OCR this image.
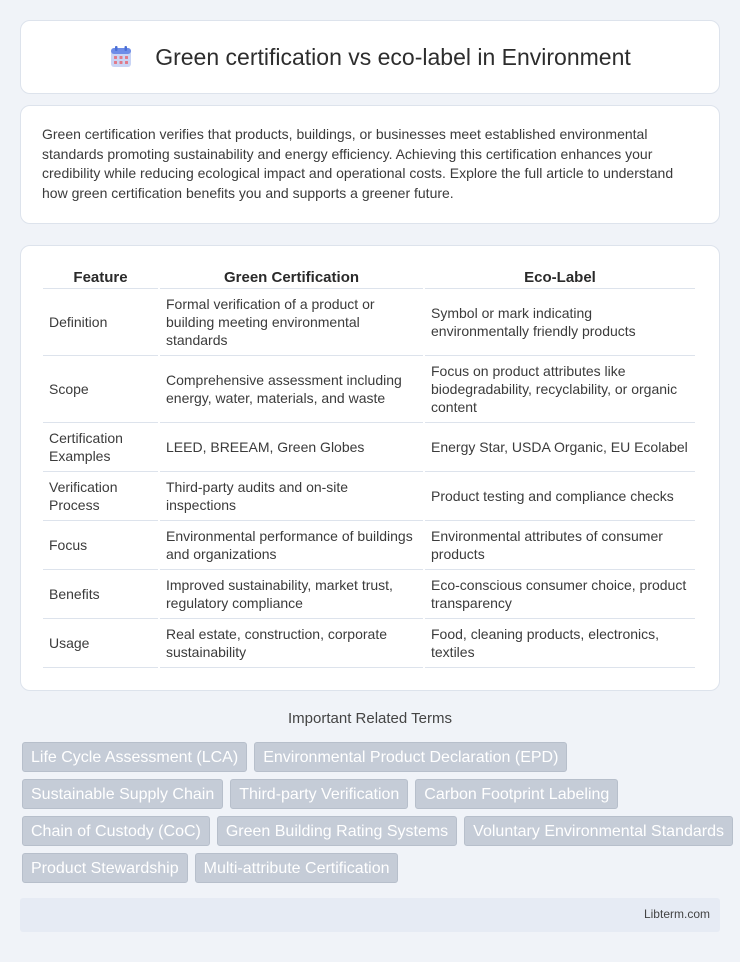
Green certification vs eco-label in Environment

Green certification verifies that products, buildings, or businesses meet established environmental standards promoting sustainability and energy efficiency. Achieving this certification enhances your credibility while reducing ecological impact and operational costs. Explore the full article to understand how green certification benefits you and supports a greener future.

Feature	Green Certification	Eco-Label
Definition	Formal verification of a product or building meeting environmental standards	Symbol or mark indicating environmentally friendly products
Scope	Comprehensive assessment including energy, water, materials, and waste	Focus on product attributes like biodegradability, recyclability, or organic content
Certification Examples	LEED, BREEAM, Green Globes	Energy Star, USDA Organic, EU Ecolabel
Verification Process	Third-party audits and on-site inspections	Product testing and compliance checks
Focus	Environmental performance of buildings and organizations	Environmental attributes of consumer products
Benefits	Improved sustainability, market trust, regulatory compliance	Eco-conscious consumer choice, product transparency
Usage	Real estate, construction, corporate sustainability	Food, cleaning products, electronics, textiles
Important Related Terms
Life Cycle Assessment (LCA)	Environmental Product Declaration (EPD)
Sustainable Supply Chain	Third-party Verification	Carbon Footprint Labeling
Chain of Custody (CoC)	Green Building Rating Systems	Voluntary Environmental Standards
Product Stewardship	Multi-attribute Certification
Libterm.com
